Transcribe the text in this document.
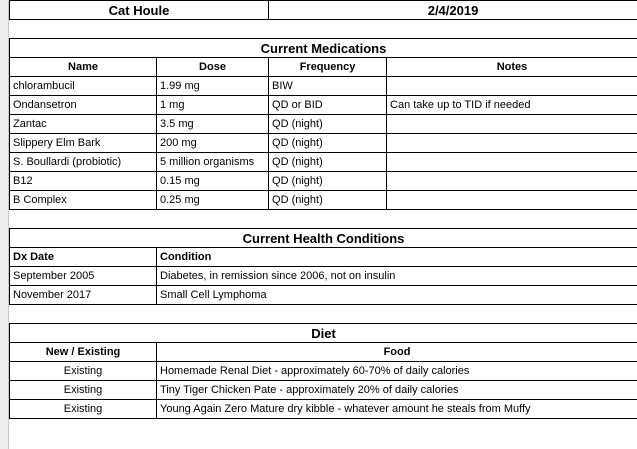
Cat Houle		2/4/2019	

Current Medications			
Name	Dose	Frequency	Notes
chlorambucil	1.99 mg	BIW	
Ondansetron	1 mg	QD or BID	Can take up to TID if needed
Zantac	3.5 mg	QD (night)	
Slippery Elm Bark	200 mg	QD (night)	
S. Boullardi (probiotic)	5 million organisms	QD (night)	
B12	0.15 mg	QD (night)	
B Complex	0.25 mg	QD (night)	

Current Health Conditions			
Dx Date	Condition		
September 2005	Diabetes, in remission since 2006, not on insulin		
November 2017	Small Cell Lymphoma		

Diet			
New / Existing	Food		
Existing	Homemade Renal Diet - approximately 60-70% of daily calories		
Existing	Tiny Tiger Chicken Pate - approximately 20% of daily calories		
Existing	Young Again Zero Mature dry kibble - whatever amount he steals from Muffy		
